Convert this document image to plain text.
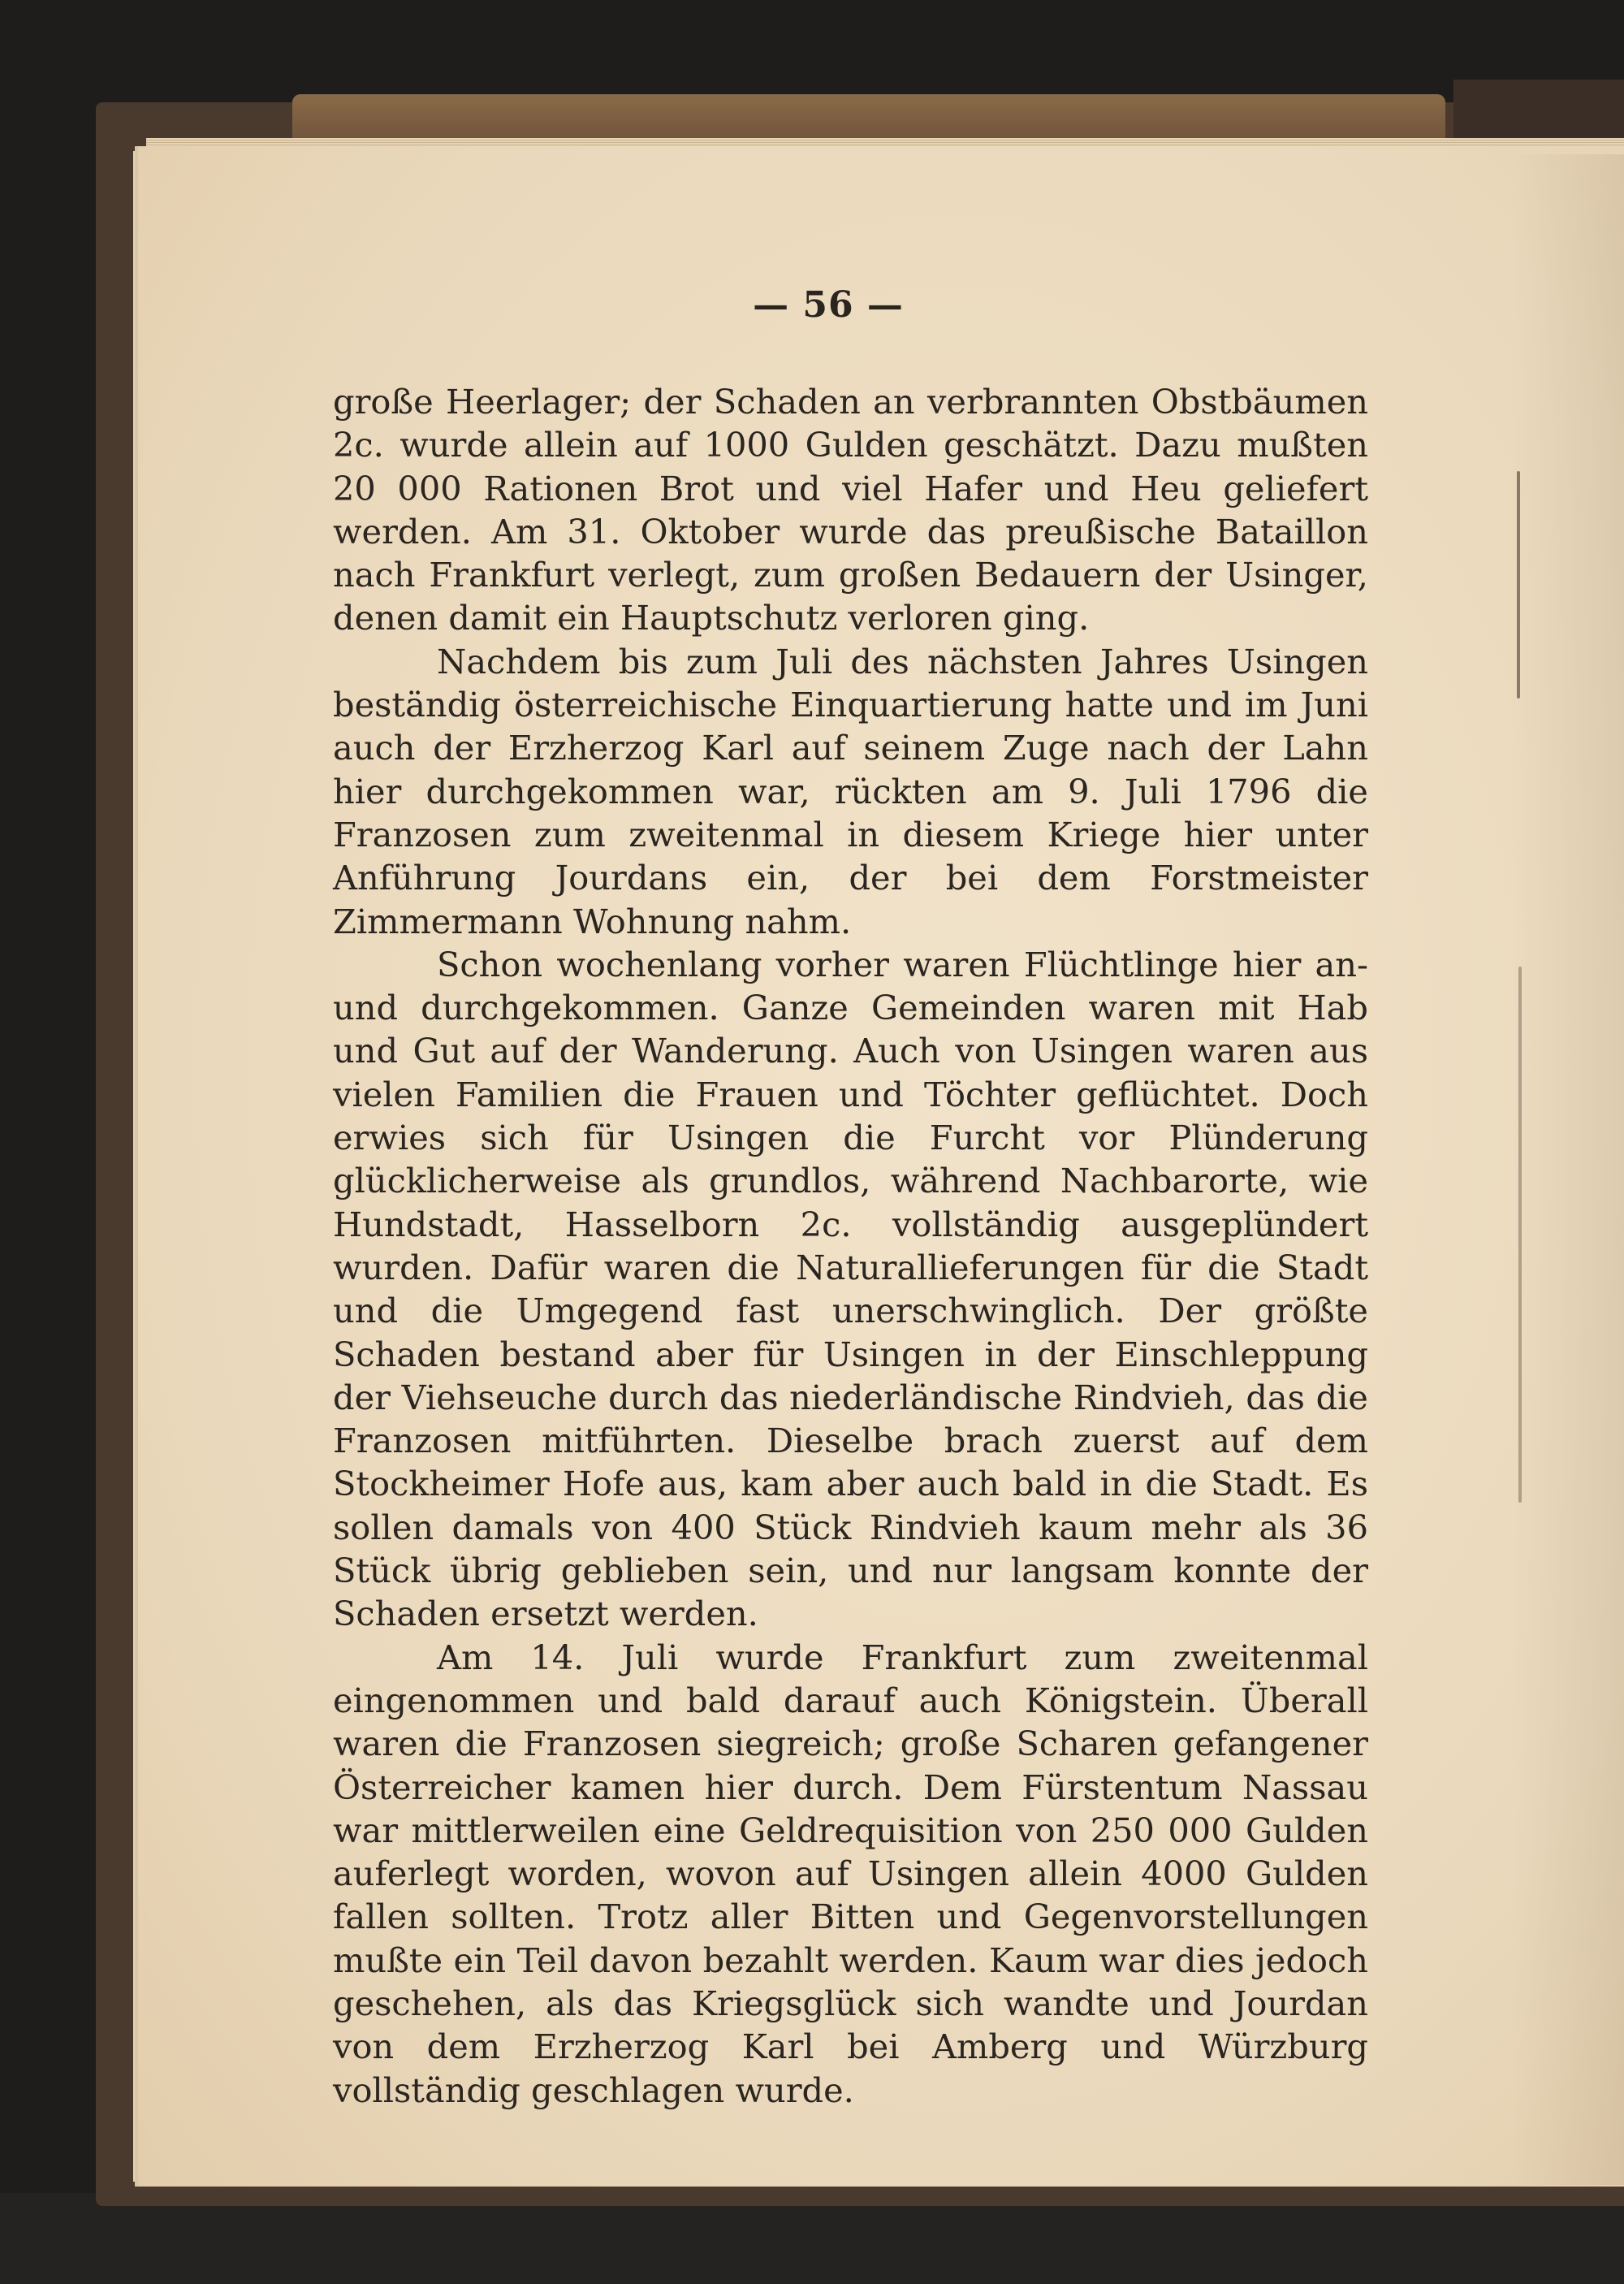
— 56 —

große Heerlager; der Schaden an verbrannten Obstbäumen 2c. wurde allein auf 1000 Gulden geschätzt. Dazu mußten 20 000 Rationen Brot und viel Hafer und Heu geliefert werden. Am 31. Oktober wurde das preußische Bataillon nach Frankfurt verlegt, zum großen Bedauern der Usinger, denen damit ein Hauptschutz verloren ging.

Nachdem bis zum Juli des nächsten Jahres Usingen beständig österreichische Einquartierung hatte und im Juni auch der Erzherzog Karl auf seinem Zuge nach der Lahn hier durchgekommen war, rückten am 9. Juli 1796 die Franzosen zum zweitenmal in diesem Kriege hier unter Anführung Jourdans ein, der bei dem Forstmeister Zimmermann Wohnung nahm.

Schon wochenlang vorher waren Flüchtlinge hier an- und durchgekommen. Ganze Gemeinden waren mit Hab und Gut auf der Wanderung. Auch von Usingen waren aus vielen Familien die Frauen und Töchter geflüchtet. Doch erwies sich für Usingen die Furcht vor Plünderung glücklicherweise als grundlos, während Nachbarorte, wie Hundstadt, Hasselborn 2c. vollständig ausgeplündert wurden. Dafür waren die Naturallieferungen für die Stadt und die Umgegend fast unerschwinglich. Der größte Schaden bestand aber für Usingen in der Einschleppung der Viehseuche durch das niederländische Rindvieh, das die Franzosen mitführten. Dieselbe brach zuerst auf dem Stockheimer Hofe aus, kam aber auch bald in die Stadt. Es sollen damals von 400 Stück Rindvieh kaum mehr als 36 Stück übrig geblieben sein, und nur langsam konnte der Schaden ersetzt werden.

Am 14. Juli wurde Frankfurt zum zweitenmal eingenommen und bald darauf auch Königstein. Überall waren die Franzosen siegreich; große Scharen gefangener Österreicher kamen hier durch. Dem Fürstentum Nassau war mittlerweilen eine Geldrequisition von 250 000 Gulden auferlegt worden, wovon auf Usingen allein 4000 Gulden fallen sollten. Trotz aller Bitten und Gegenvorstellungen mußte ein Teil davon bezahlt werden. Kaum war dies jedoch geschehen, als das Kriegsglück sich wandte und Jourdan von dem Erzherzog Karl bei Amberg und Würzburg vollständig geschlagen wurde.
